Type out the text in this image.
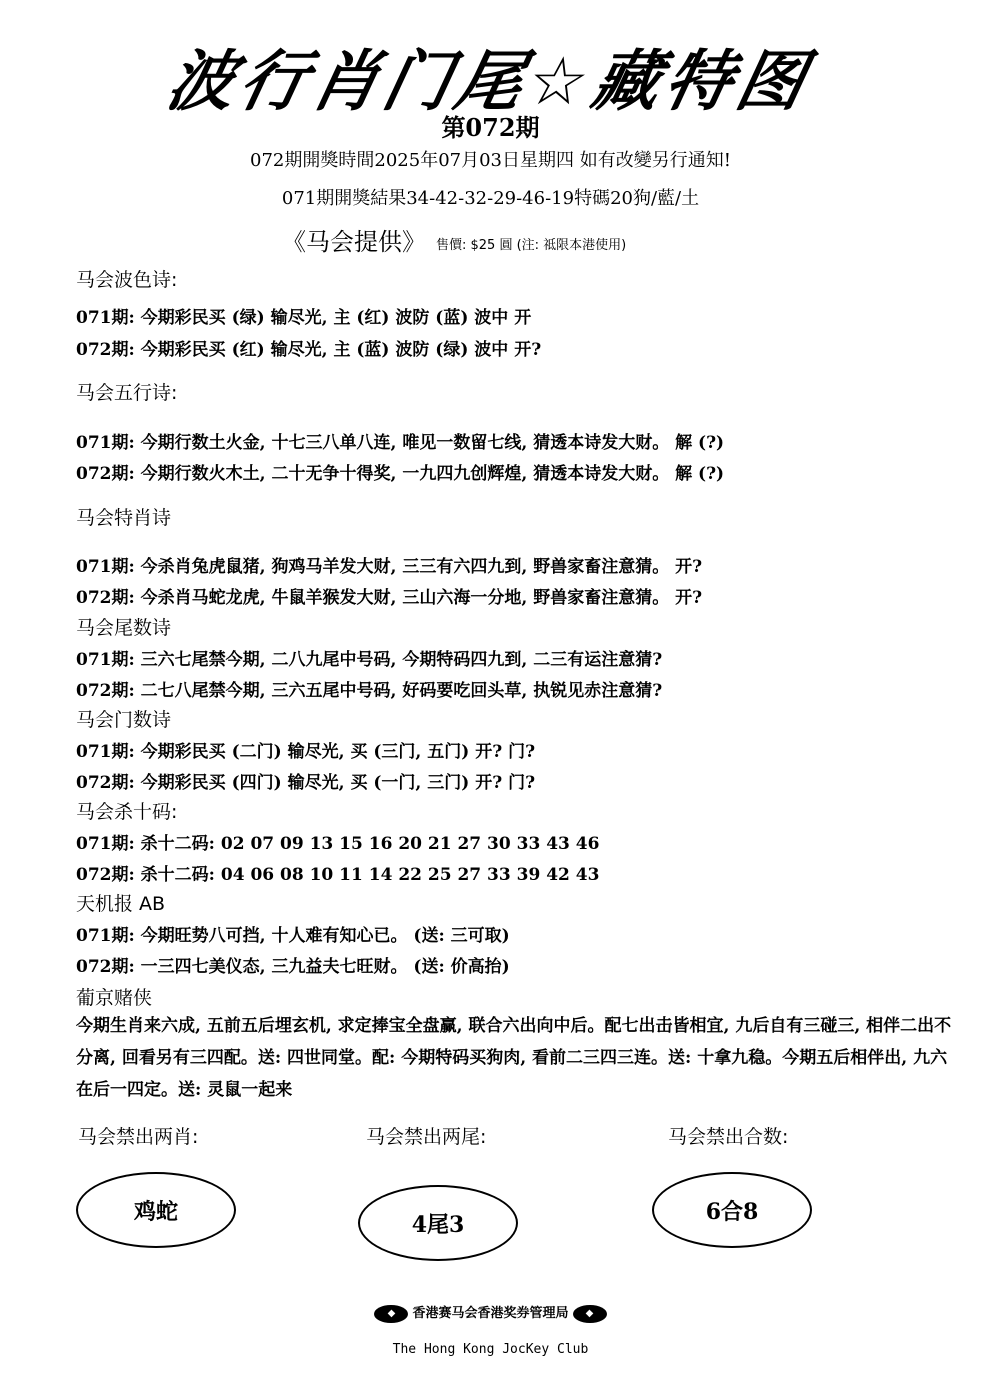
波行肖门尾☆藏特图
第072期
072期開獎時間2025年07月03日星期四 如有改變另行通知!
071期開獎結果34-42-32-29-46-19特碼20狗/藍/土
《马会提供》 售價: $25 圓 (注: 祗限本港使用)
马会波色诗:
071期: 今期彩民买 (绿) 输尽光, 主 (红) 波防 (蓝) 波中 开
072期: 今期彩民买 (红) 输尽光, 主 (蓝) 波防 (绿) 波中 开?
马会五行诗:
071期: 今期行数土火金, 十七三八单八连, 唯见一数留七线, 猜透本诗发大财。 解 (?)
072期: 今期行数火木土, 二十无争十得奖, 一九四九创辉煌, 猜透本诗发大财。 解 (?)
马会特肖诗
071期: 今杀肖兔虎鼠猪, 狗鸡马羊发大财, 三三有六四九到, 野兽家畜注意猜。 开?
072期: 今杀肖马蛇龙虎, 牛鼠羊猴发大财, 三山六海一分地, 野兽家畜注意猜。 开?
马会尾数诗
071期: 三六七尾禁今期, 二八九尾中号码, 今期特码四九到, 二三有运注意猜?
072期: 二七八尾禁今期, 三六五尾中号码, 好码要吃回头草, 执锐见赤注意猜?
马会门数诗
071期: 今期彩民买 (二门) 输尽光, 买 (三门, 五门) 开? 门?
072期: 今期彩民买 (四门) 输尽光, 买 (一门, 三门) 开? 门?
马会杀十码:
071期: 杀十二码: 02 07 09 13 15 16 20 21 27 30 33 43 46
072期: 杀十二码: 04 06 08 10 11 14 22 25 27 33 39 42 43
天机报 AB
071期: 今期旺势八可挡, 十人难有知心已。 (送: 三可取)
072期: 一三四七美仪态, 三九益夫七旺财。 (送: 价高抬)
葡京赌侠
今期生肖来六成, 五前五后埋玄机, 求定捧宝全盘赢, 联合六出向中后。配七出击皆相宜, 九后自有三碰三, 相伴二出不分离, 回看另有三四配。送: 四世同堂。配: 今期特码买狗肉, 看前二三四三连。送: 十拿九稳。今期五后相伴出, 九六在后一四定。送: 灵鼠一起来
马会禁出两肖:	马会禁出两尾:	马会禁出合数:
鸡蛇	4尾3	6合8
◆ 香港赛马会香港奖券管理局 ◆
The Hong Kong JocKey Club
